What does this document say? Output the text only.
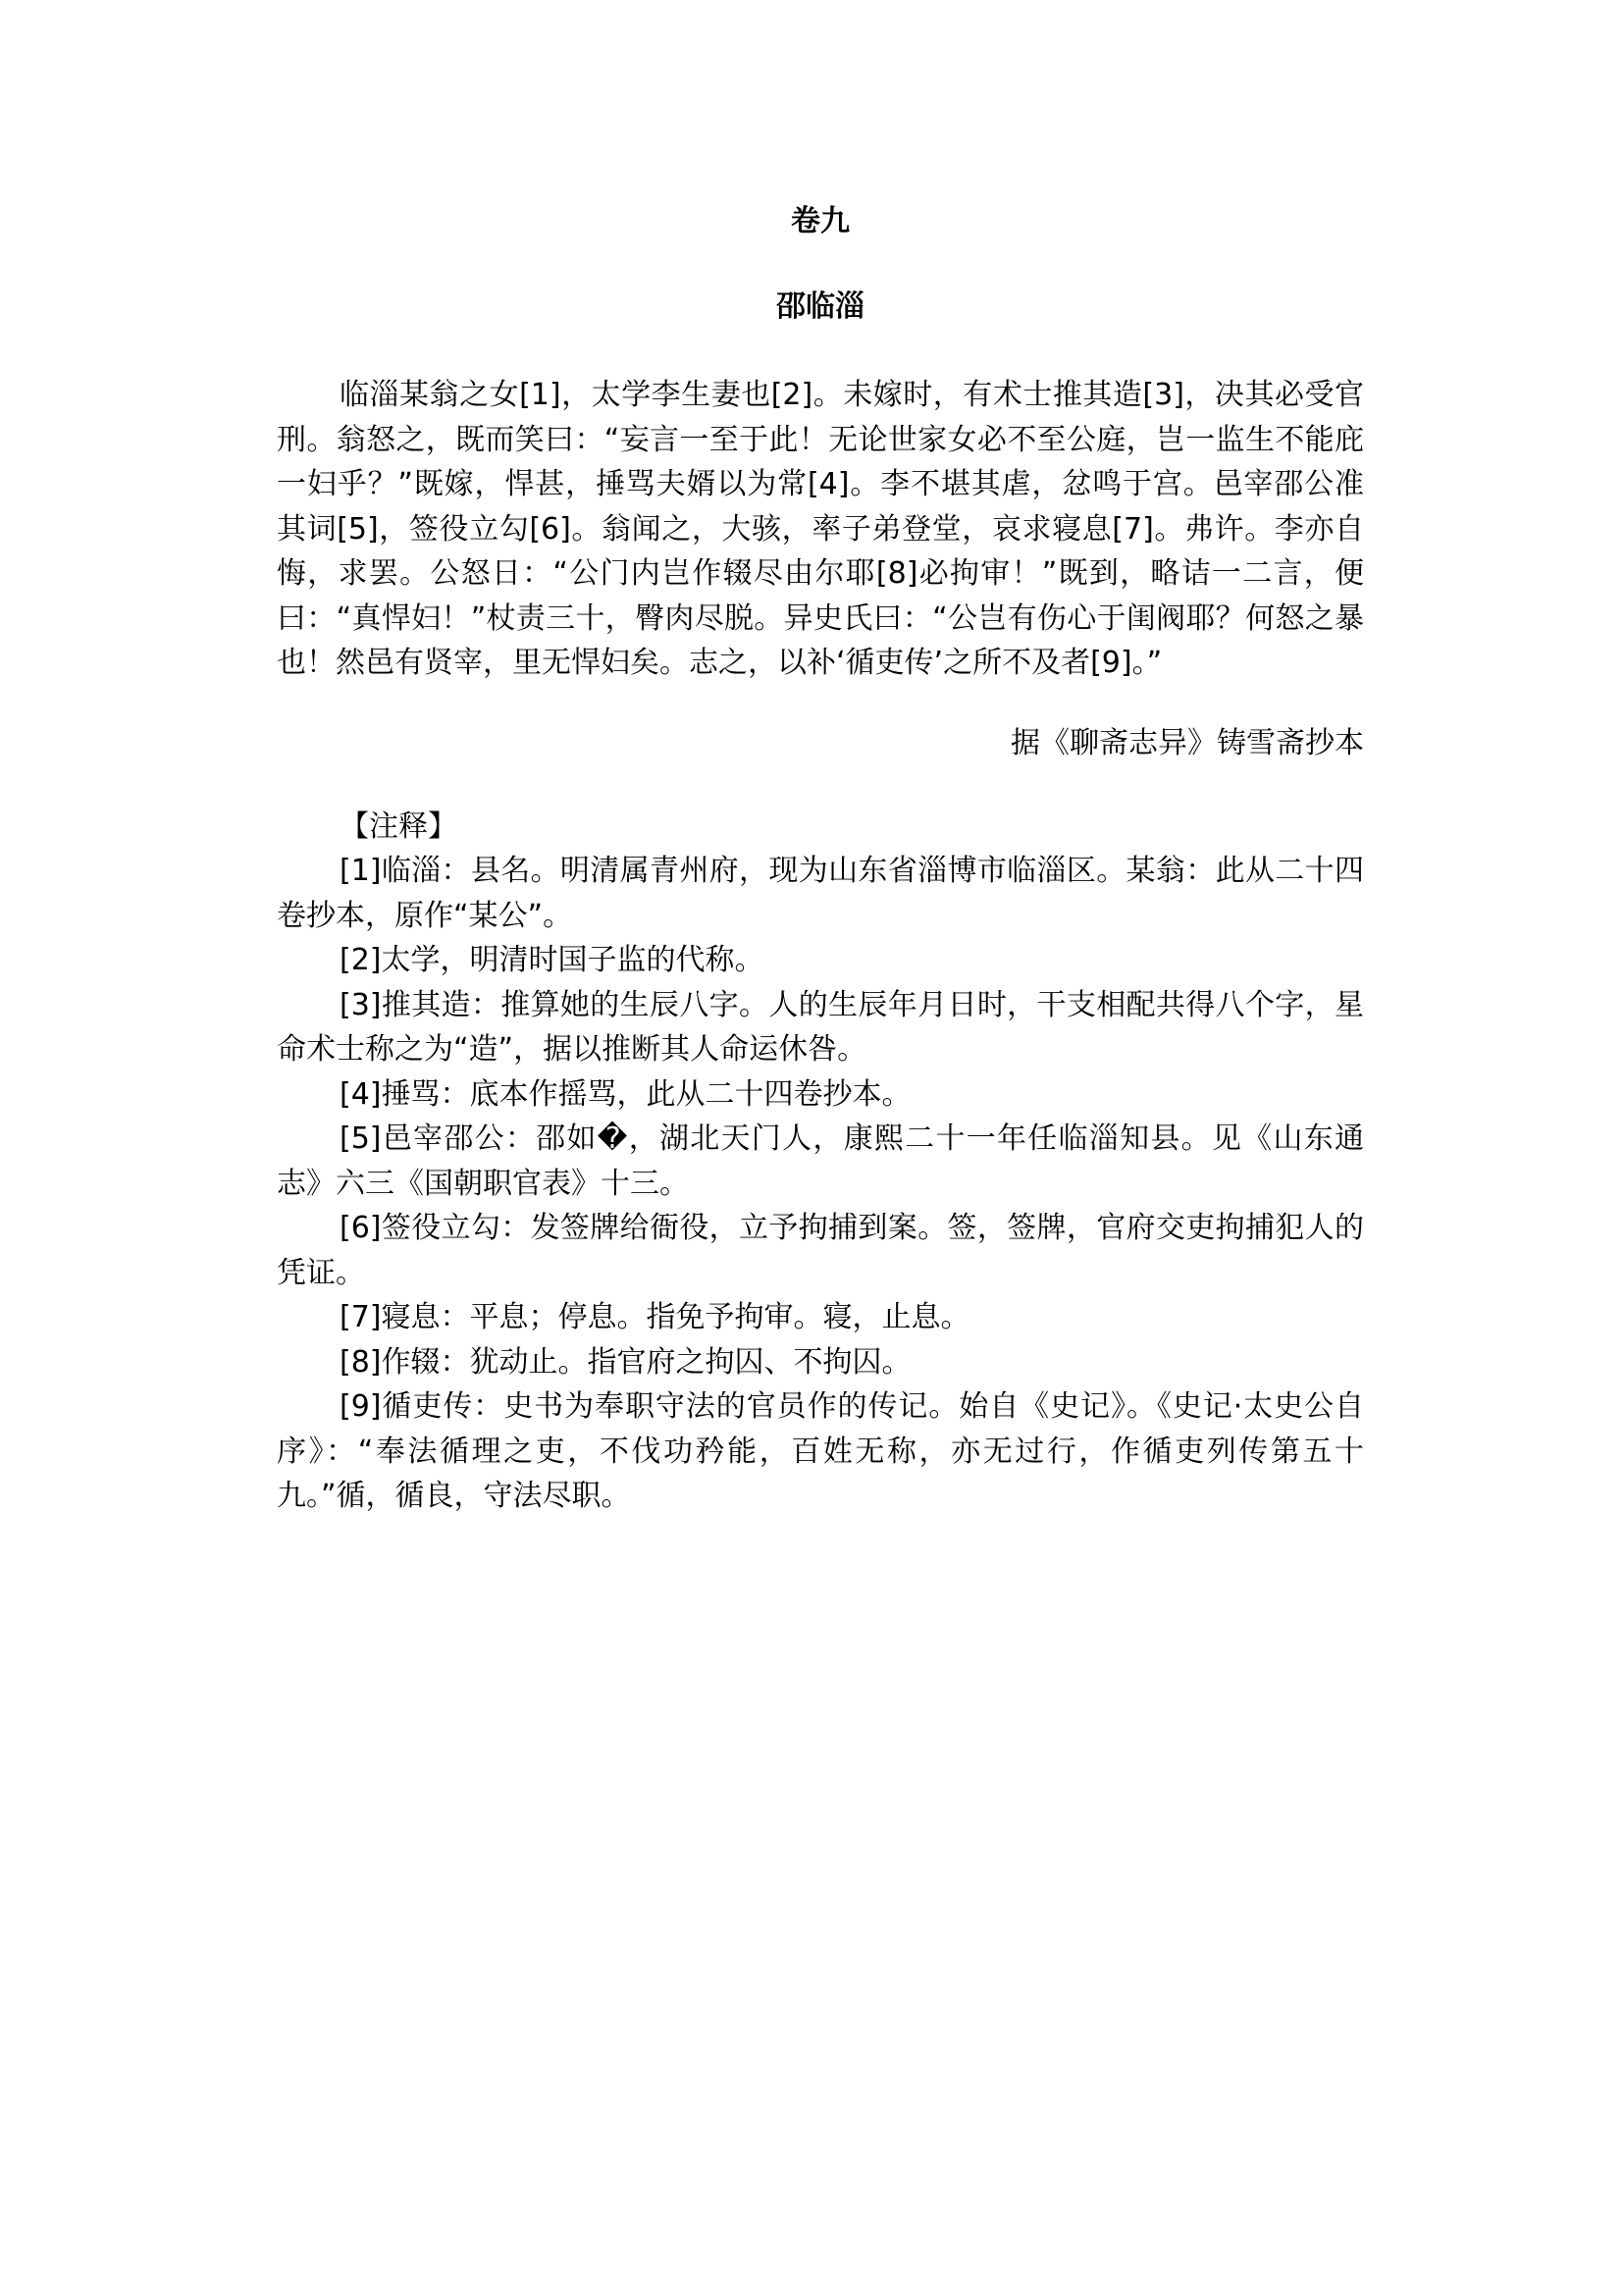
卷九
邵临淄

临淄某翁之女[1]，太学李生妻也[2]。未嫁时，有术士推其造[3]，决其必受官刑。翁怒之，既而笑曰：“妄言一至于此！无论世家女必不至公庭，岂一监生不能庇一妇乎？”既嫁，悍甚，捶骂夫婿以为常[4]。李不堪其虐，忿鸣于宫。邑宰邵公准其词[5]，签役立勾[6]。翁闻之，大骇，率子弟登堂，哀求寝息[7]。弗许。李亦自悔，求罢。公怒日：“公门内岂作辍尽由尔耶[8]必拘审！”既到，略诘一二言，便曰：“真悍妇！”杖责三十，臀肉尽脱。异史氏曰：“公岂有伤心于闺阀耶？何怒之暴也！然邑有贤宰，里无悍妇矣。志之，以补‘循吏传’之所不及者[9]。”

据《聊斋志异》铸雪斋抄本

【注释】

[1]临淄：县名。明清属青州府，现为山东省淄博市临淄区。某翁：此从二十四卷抄本，原作“某公”。
[2]太学，明清时国子监的代称。
[3]推其造：推算她的生辰八字。人的生辰年月日时，干支相配共得八个字，星命术士称之为“造”，据以推断其人命运休咎。
[4]捶骂：底本作摇骂，此从二十四卷抄本。
[5]邑宰邵公：邵如�，湖北天门人，康熙二十一年任临淄知县。见《山东通志》六三《国朝职官表》十三。
[6]签役立勾：发签牌给衙役，立予拘捕到案。签，签牌，官府交吏拘捕犯人的凭证。
[7]寝息：平息；停息。指免予拘审。寝，止息。
[8]作辍：犹动止。指官府之拘囚、不拘囚。
[9]循吏传：史书为奉职守法的官员作的传记。始自《史记》。《史记·太史公自序》：“奉法循理之吏，不伐功矜能，百姓无称，亦无过行，作循吏列传第五十九。”循，循良，守法尽职。
